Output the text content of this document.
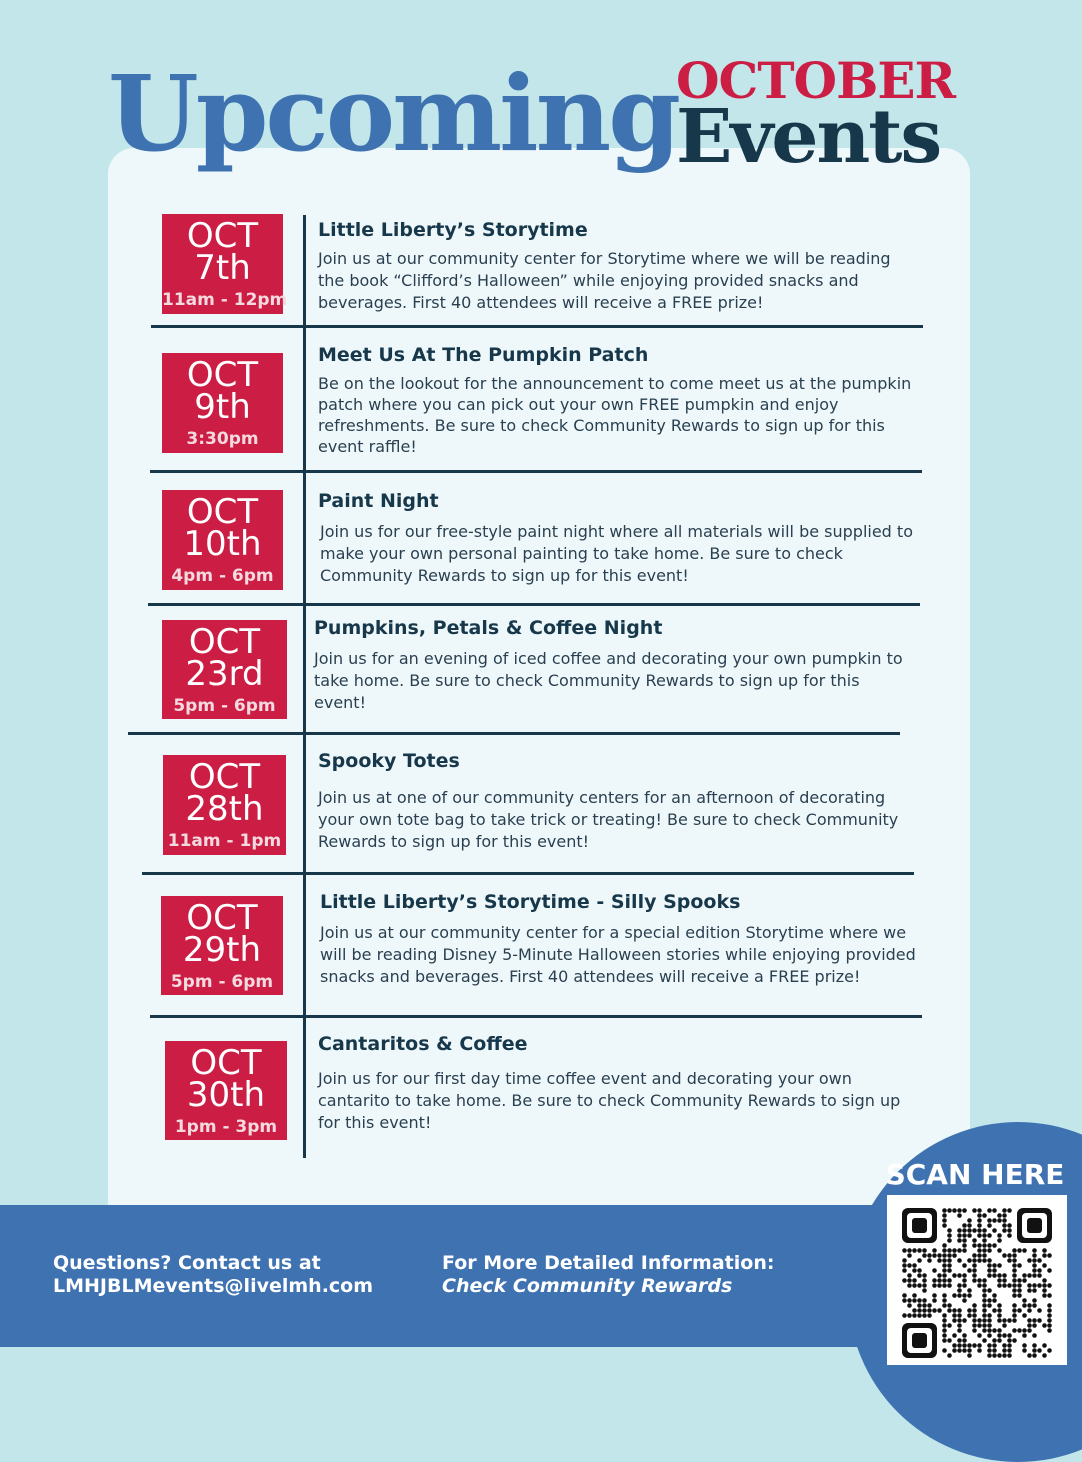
Upcoming
OCTOBER
Events
OCT
7th
11am - 12pm
Little Liberty’s Storytime
Join us at our community center for Storytime where we will be reading the book “Clifford’s Halloween” while enjoying provided snacks and beverages. First 40 attendees will receive a FREE prize!
OCT
9th
3:30pm
Meet Us At The Pumpkin Patch
Be on the lookout for the announcement to come meet us at the pumpkin patch where you can pick out your own FREE pumpkin and enjoy refreshments. Be sure to check Community Rewards to sign up for this event raffle!
OCT
10th
4pm - 6pm
Paint Night
Join us for our free-style paint night where all materials will be supplied to make your own personal painting to take home. Be sure to check Community Rewards to sign up for this event!
OCT
23rd
5pm - 6pm
Pumpkins, Petals & Coffee Night
Join us for an evening of iced coffee and decorating your own pumpkin to take home. Be sure to check Community Rewards to sign up for this event!
OCT
28th
11am - 1pm
Spooky Totes
Join us at one of our community centers for an afternoon of decorating your own tote bag to take trick or treating! Be sure to check Community Rewards to sign up for this event!
OCT
29th
5pm - 6pm
Little Liberty’s Storytime - Silly Spooks
Join us at our community center for a special edition Storytime where we will be reading Disney 5-Minute Halloween stories while enjoying provided snacks and beverages. First 40 attendees will receive a FREE prize!
OCT
30th
1pm - 3pm
Cantaritos & Coffee
Join us for our first day time coffee event and decorating your own cantarito to take home. Be sure to check Community Rewards to sign up for this event!
Questions? Contact us at
LMHJBLMevents@livelmh.com
For More Detailed Information:
Check Community Rewards
SCAN HERE
